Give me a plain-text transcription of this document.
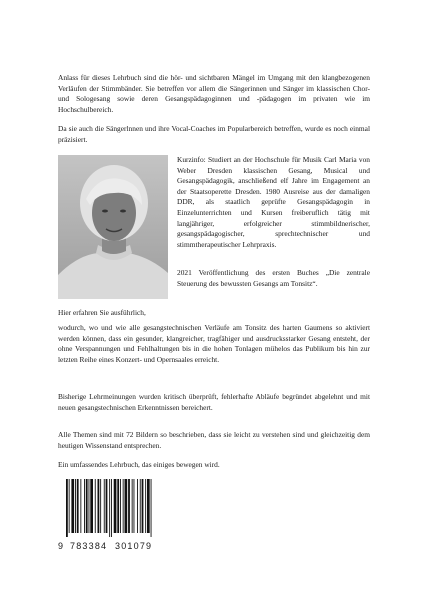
Anlass für dieses Lehrbuch sind die hör- und sichtbaren Mängel im Umgang mit den klangbezogenen Verläufen der Stimmbänder. Sie betreffen vor allem die Sängerinnen und Sänger im klassischen Chor- und Sologesang sowie deren Gesangspädagoginnen und -pädagogen im privaten wie im Hochschulbereich.

Da sie auch die Sängerlnnen und ihre Vocal-Coaches im Popularbereich betreffen, wurde es noch einmal präzisiert.

Kurzinfo: Studiert an der Hochschule für Musik Carl Maria von Weber Dresden klassischen Gesang, Musical und Gesangspädagogik, anschließend elf Jahre im Engagement an der Staatsoperette Dresden. 1980 Ausreise aus der damaligen DDR, als staatlich geprüfte Gesangspädagogin in Einzelunterrichten und Kursen freiberuflich tätig mit langjähriger, erfolgreicher stimmbildnerischer, gesangspädagogischer, sprechtechnischer und stimmtherapeutischer Lehrpraxis.

2021 Veröffentlichung des ersten Buches „Die zentrale Steuerung des bewussten Gesangs am Tonsitz“.

Hier erfahren Sie ausführlich,

wodurch, wo und wie alle gesangstechnischen Verläufe am Tonsitz des harten Gaumens so aktiviert werden können, dass ein gesunder, klangreicher, tragfähiger und ausdrucksstarker Gesang entsteht, der ohne Verspannungen und Fehlhaltungen bis in die hohen Tonlagen mühelos das Publikum bis hin zur letzten Reihe eines Konzert- und Opernsaales erreicht.

Bisherige Lehrmeinungen wurden kritisch überprüft, fehlerhafte Abläufe begründet abgelehnt und mit neuen gesangstechnischen Erkenntnissen bereichert.

Alle Themen sind mit 72 Bildern so beschrieben, dass sie leicht zu verstehen sind und gleichzeitig dem heutigen Wissenstand entsprechen.

Ein umfassendes Lehrbuch, das einiges bewegen wird.

9 783384 301079
